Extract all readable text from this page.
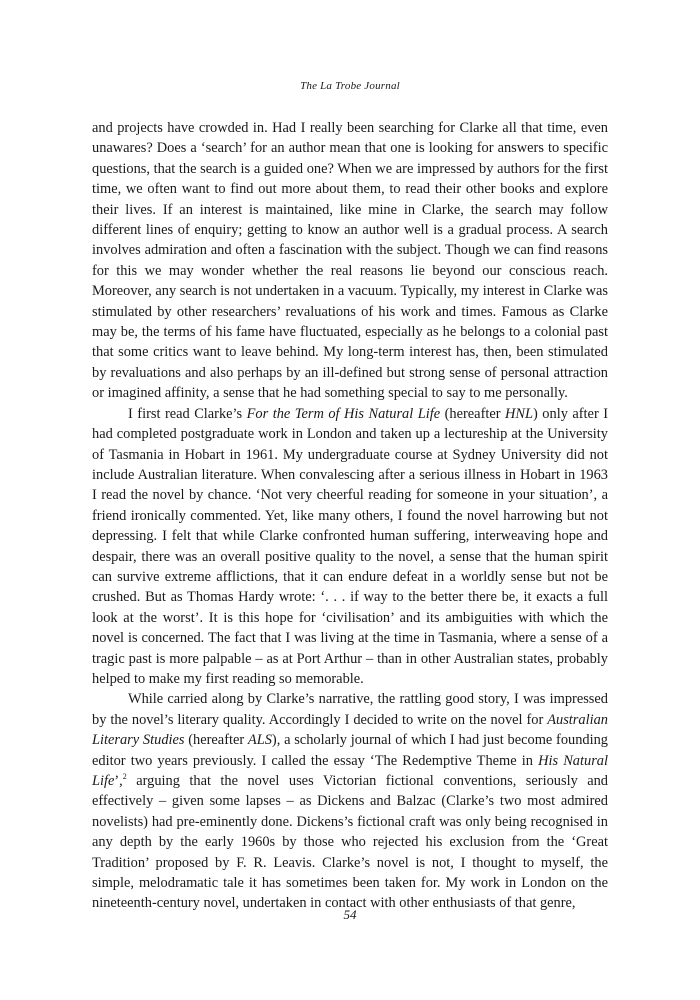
The La Trobe Journal

and projects have crowded in. Had I really been searching for Clarke all that time, even unawares? Does a ‘search’ for an author mean that one is looking for answers to specific questions, that the search is a guided one? When we are impressed by authors for the first time, we often want to find out more about them, to read their other books and explore their lives. If an interest is maintained, like mine in Clarke, the search may follow different lines of enquiry; getting to know an author well is a gradual process. A search involves admiration and often a fascination with the subject. Though we can find reasons for this we may wonder whether the real reasons lie beyond our conscious reach. Moreover, any search is not undertaken in a vacuum. Typically, my interest in Clarke was stimulated by other researchers’ revaluations of his work and times. Famous as Clarke may be, the terms of his fame have fluctuated, especially as he belongs to a colonial past that some critics want to leave behind. My long-term interest has, then, been stimulated by revaluations and also perhaps by an ill-defined but strong sense of personal attraction or imagined affinity, a sense that he had something special to say to me personally.

I first read Clarke’s For the Term of His Natural Life (hereafter HNL) only after I had completed postgraduate work in London and taken up a lectureship at the University of Tasmania in Hobart in 1961. My undergraduate course at Sydney University did not include Australian literature. When convalescing after a serious illness in Hobart in 1963 I read the novel by chance. ‘Not very cheerful reading for someone in your situation’, a friend ironically commented. Yet, like many others, I found the novel harrowing but not depressing. I felt that while Clarke confronted human suffering, interweaving hope and despair, there was an overall positive quality to the novel, a sense that the human spirit can survive extreme afflictions, that it can endure defeat in a worldly sense but not be crushed. But as Thomas Hardy wrote: ‘. . . if way to the better there be, it exacts a full look at the worst’. It is this hope for ‘civilisation’ and its ambiguities with which the novel is concerned. The fact that I was living at the time in Tasmania, where a sense of a tragic past is more palpable – as at Port Arthur – than in other Australian states, probably helped to make my first reading so memorable.

While carried along by Clarke’s narrative, the rattling good story, I was impressed by the novel’s literary quality. Accordingly I decided to write on the novel for Australian Literary Studies (hereafter ALS), a scholarly journal of which I had just become founding editor two years previously. I called the essay ‘The Redemptive Theme in His Natural Life’,$^2$ arguing that the novel uses Victorian fictional conventions, seriously and effectively – given some lapses – as Dickens and Balzac (Clarke’s two most admired novelists) had pre-eminently done. Dickens’s fictional craft was only being recognised in any depth by the early 1960s by those who rejected his exclusion from the ‘Great Tradition’ proposed by F. R. Leavis. Clarke’s novel is not, I thought to myself, the simple, melodramatic tale it has sometimes been taken for. My work in London on the nineteenth-century novel, undertaken in contact with other enthusiasts of that genre,

54
